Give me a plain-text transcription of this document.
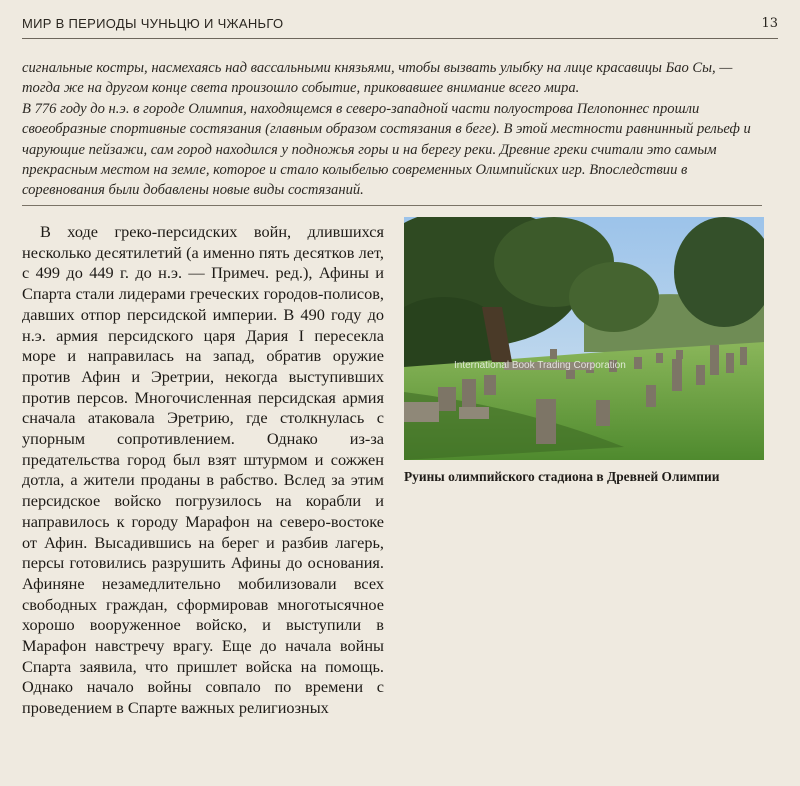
МИР В ПЕРИОДЫ ЧУНЬЦЮ И ЧЖАНЬГО	13

сигнальные костры, насмехаясь над вассальными князьями, чтобы вызвать улыбку на лице красавицы Бао Сы, — тогда же на другом конце света произошло событие, приковавшее внимание всего мира.

В 776 году до н.э. в городе Олимпия, находящемся в северо-западной части полуострова Пелопоннес прошли своеобразные спортивные состязания (главным образом состязания в беге). В этой местности равнинный рельеф и чарующие пейзажи, сам город находился у подножья горы и на берегу реки. Древние греки считали это самым прекрасным местом на земле, которое и стало колыбелью современных Олимпийских игр. Впоследствии в соревнования были добавлены новые виды состязаний.

В ходе греко-персидских войн, длившихся несколько десятилетий (а именно пять десятков лет, с 499 до 449 г. до н.э. — Примеч. ред.), Афины и Спарта стали лидерами греческих городов-полисов, давших отпор персидской империи. В 490 году до н.э. армия персидского царя Дария I пересекла море и направилась на запад, обратив оружие против Афин и Эретрии, некогда выступивших против персов. Многочисленная персидская армия сначала атаковала Эретрию, где столкнулась с упорным сопротивлением. Однако из-за предательства город был взят штурмом и сожжен дотла, а жители проданы в рабство. Вслед за этим персидское войско погрузилось на корабли и направилось к городу Марафон на северо-востоке от Афин. Высадившись на берег и разбив лагерь, персы готовились разрушить Афины до основания. Афиняне незамедлительно мобилизовали всех свободных граждан, сформировав многотысячное хорошо вооруженное войско, и выступили в Марафон навстречу врагу. Еще до начала войны Спарта заявила, что пришлет войска на помощь. Однако начало войны совпало по времени с проведением в Спарте важных религиозных

International Book Trading Corporation
Руины олимпийского стадиона в Древней Олимпии
